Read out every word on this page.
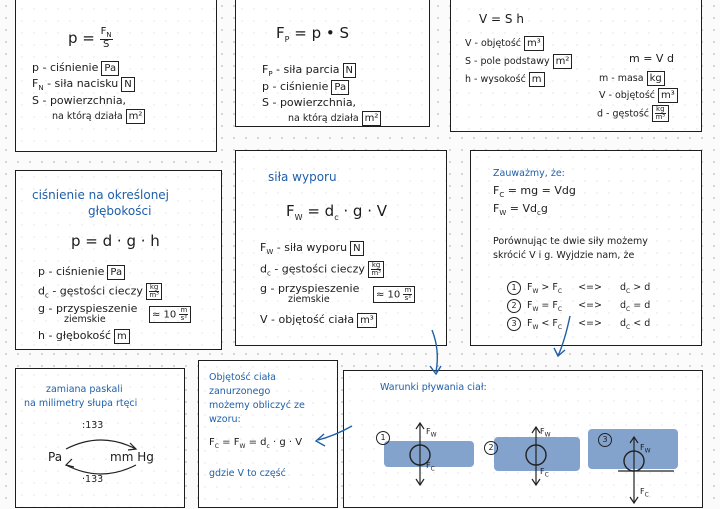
$p = \frac{F_N}{S}$
p - ciśnienie Pa
$F_N$ - siła nacisku N
S - powierzchnia,
na którą działa m²
$F_P = p$ • S
$F_P$ - siła parcia N
p - ciśnienie Pa
S - powierzchnia,
na którą działa m²
V = S h
V - objętość m³
S - pole podstawy m²
h - wysokość m
m = V d
m - masa kg
V - objętość m³
d - gęstość $\frac{kg}{\text{m³}}$
ciśnienie na określonej
głębokości
p = d · g · h
p - ciśnienie Pa
$d_c$ - gęstości cieczy $\frac{kg}{\text{m³}}$
g - przyspieszenie
ziemskie	≈ $10 \frac{m}{\text{s²}}$
h - głębokość m
siła wyporu
$F_W = d_c \cdot g \cdot V$
$F_W$ - siła wyporu N
$d_c$ - gęstości cieczy $\frac{kg}{\text{m³}}$
g - przyspieszenie
ziemskie	≈ $10 \frac{m}{\text{s²}}$
V - objętość ciała m³
Zauważmy, że:
$F_C$ = mg = Vdg
$F_W = Vd_cg$
Porównując te dwie siły możemy
skrócić V i g. Wyjdzie nam, że
1 $F_W > F_C$ <=> $d_C > d$
2 $F_W = F_C$ <=> $d_C = d$
3 $F_W < F_C$ <=> $d_C < d$
zamiana paskali
na milimetry słupa rtęci
:133
Pa	mm Hg
·133
Objętość ciała
zanurzonego
możemy obliczyć ze
wzoru:
$F_C = F_W = d_c \cdot g \cdot V$
gdzie V to część
Warunki pływania ciał:
1
2
3
$F_W$
$F_C$
$F_W$
$F_C$
$F_W$
$F_C$
